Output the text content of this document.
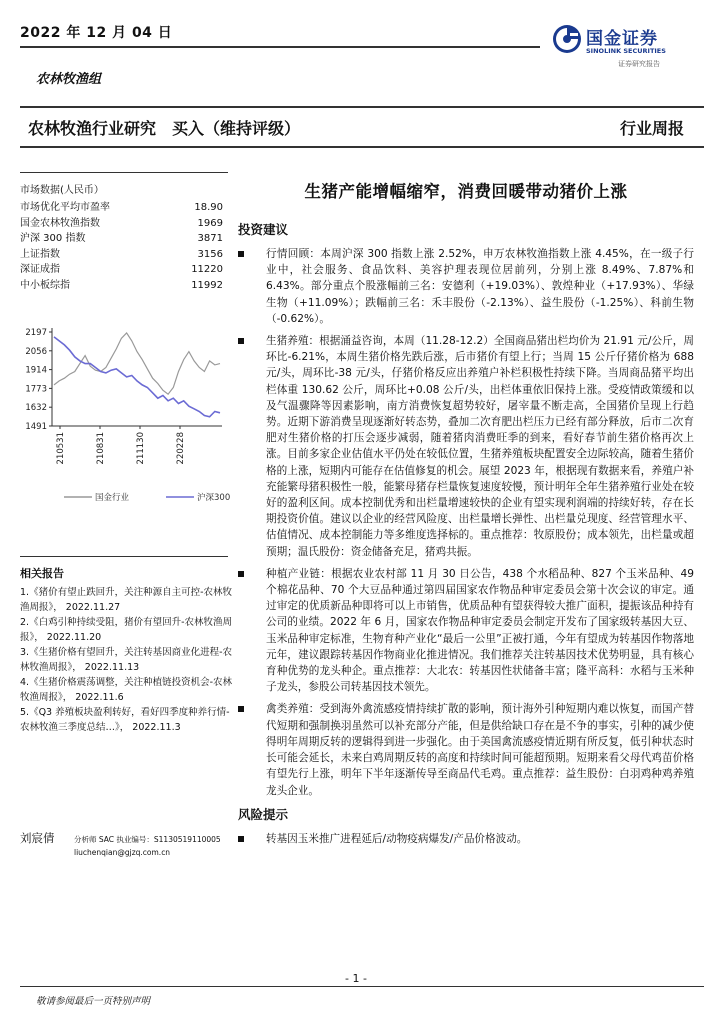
2022 年 12 月 04 日	国金证券
SINOLINK SECURITIES
证券研究报告
农林牧渔组
农林牧渔行业研究　买入（维持评级）	行业周报
市场数据(人民币）
市场优化平均市盈率	18.90
国金农林牧渔指数	1969
沪深 300 指数	3871
上证指数	3156
深证成指	11220
中小板综指	11992
2197
2056
1914
1773
1632
1491
210531	210831	211130	220228
国金行业	沪深300
相关报告
1.《猪价有望止跌回升，关注种源自主可控-农林牧渔周报》， 2022.11.27
2.《白鸡引种持续受阻，猪价有望回升-农林牧渔周报》， 2022.11.20
3.《生猪价格有望回升，关注转基因商业化进程-农林牧渔周报》， 2022.11.13
4.《生猪价格震荡调整，关注种植链投资机会-农林牧渔周报》， 2022.11.6
5.《Q3 养殖板块盈利转好，看好四季度种养行情-农林牧渔三季度总结…》， 2022.11.3
刘宸倩	分析师 SAC 执业编号：S1130519110005
liuchenqian@gjzq.com.cn
生猪产能增幅缩窄，消费回暖带动猪价上涨
投资建议
行情回顾：本周沪深 300 指数上涨 2.52%，申万农林牧渔指数上涨 4.45%，在一级子行业中，社会服务、食品饮料、美容护理表现位居前列，分别上涨 8.49%、7.87%和 6.43%。部分重点个股涨幅前三名：安德利（+19.03%）、敦煌种业（+17.93%）、华绿生物（+11.09%）；跌幅前三名：禾丰股份（-2.13%）、益生股份（-1.25%）、科前生物（-0.62%）。
生猪养殖：根据涌益咨询，本周（11.28-12.2）全国商品猪出栏均价为 21.91 元/公斤，周环比-6.21%，本周生猪价格先跌后涨，后市猪价有望上行；当周 15 公斤仔猪价格为 688 元/头，周环比-38 元/头，仔猪价格反应出养殖户补栏积极性持续下降。当周商品猪平均出栏体重 130.62 公斤，周环比+0.08 公斤/头，出栏体重依旧保持上涨。受疫情政策缓和以及气温骤降等因素影响，南方消费恢复超势较好，屠宰量不断走高，全国猪价呈现上行趋势。近期下游消费呈现逐渐好转态势，叠加二次育肥出栏压力已经有部分释放，后市二次育肥对生猪价格的打压会逐步减弱，随着猪肉消费旺季的到来，看好春节前生猪价格再次上涨。目前多家企业估值水平仍处在较低位置，生猪养殖板块配置安全边际较高，随着生猪价格的上涨，短期内可能存在估值修复的机会。展望 2023 年，根据现有数据来看，养殖户补充能繁母猪积极性一般，能繁母猪存栏量恢复速度较慢，预计明年全年生猪养殖行业处在较好的盈利区间。成本控制优秀和出栏量增速较快的企业有望实现利润端的持续好转，存在长期投资价值。建议以企业的经营风险度、出栏量增长弹性、出栏量兑现度、经营管理水平、估值情况、成本控制能力等多维度选择标的。重点推荐：牧原股份；成本领先，出栏量或超预期；温氏股份：资金储备充足，猪鸡共振。
种植产业链：根据农业农村部 11 月 30 日公告，438 个水稻品种、827 个玉米品种、49 个棉花品种、70 个大豆品种通过第四届国家农作物品种审定委员会第十次会议的审定。通过审定的优质新品种即将可以上市销售，优质品种有望获得较大推广面积，提振该品种持有公司的业绩。2022 年 6 月，国家农作物品种审定委员会制定开发布了国家级转基因大豆、玉米品种审定标准，生物育种产业化“最后一公里”正被打通，今年有望成为转基因作物落地元年，建议跟踪转基因作物商业化推进情况。我们推荐关注转基因技术优势明显，具有核心育种优势的龙头种企。重点推荐：大北农：转基因性状储备丰富；隆平高科：水稻与玉米种子龙头，参股公司转基因技术领先。
禽类养殖：受到海外禽流感疫情持续扩散的影响，预计海外引种短期内难以恢复，而国产替代短期和强制换羽虽然可以补充部分产能，但是供给缺口存在是不争的事实，引种的减少使得明年周期反转的逻辑得到进一步强化。由于美国禽流感疫情近期有所反复，低引种状态时长可能会延长，未来白鸡周期反转的高度和持续时间可能超预期。短期来看父母代鸡苗价格有望先行上涨，明年下半年逐渐传导至商品代毛鸡。重点推荐：益生股份：白羽鸡种鸡养殖龙头企业。
风险提示
转基因玉米推广进程延后/动物疫病爆发/产品价格波动。
- 1 -
敬请参阅最后一页特别声明
